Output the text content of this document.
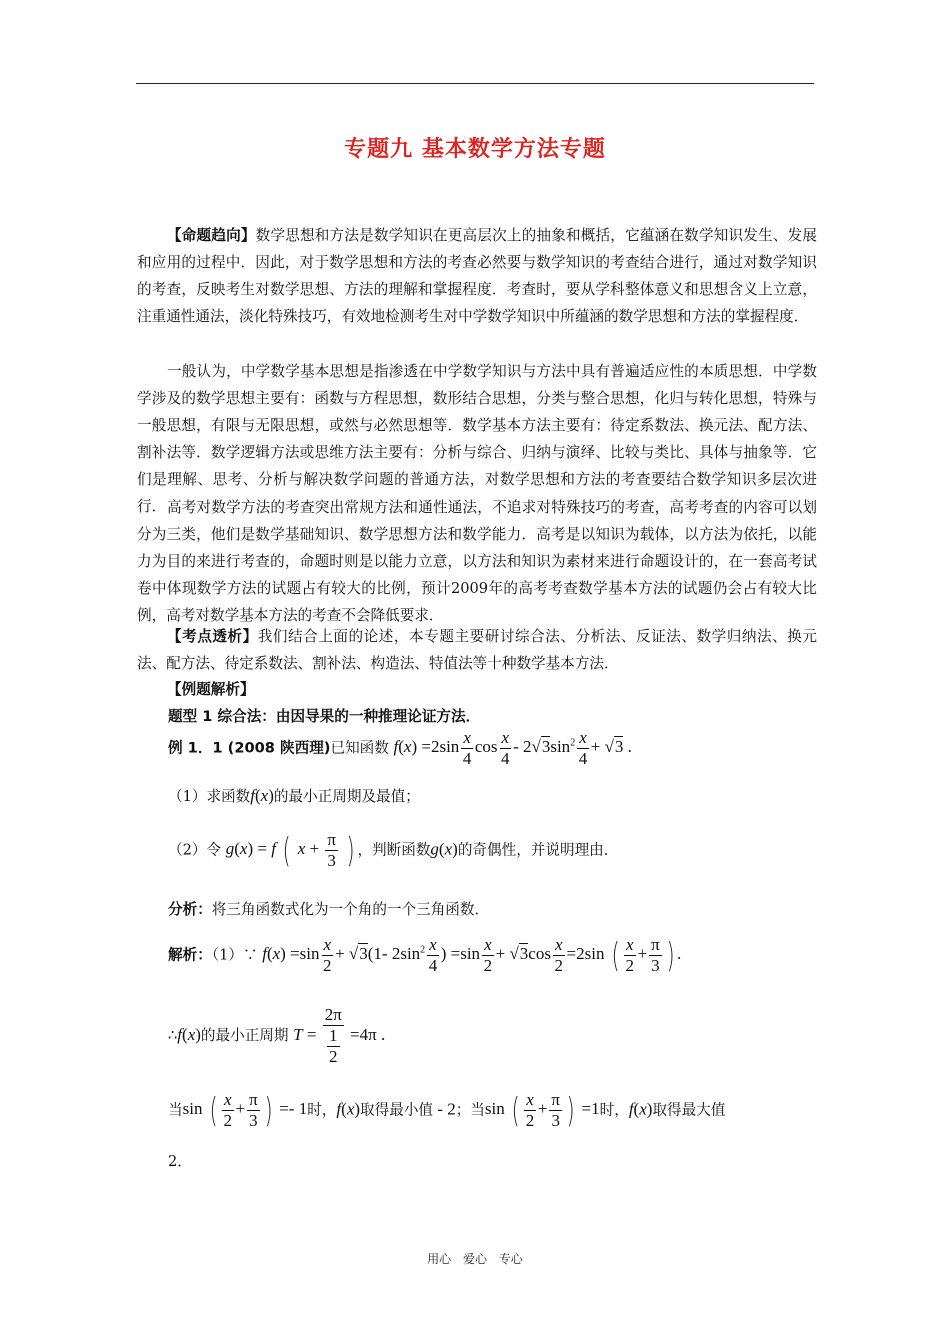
专题九 基本数学方法专题
【命题趋向】数学思想和方法是数学知识在更高层次上的抽象和概括，它蕴涵在数学知识发生、发展和应用的过程中．因此，对于数学思想和方法的考查必然要与数学知识的考查结合进行，通过对数学知识的考查，反映考生对数学思想、方法的理解和掌握程度．考查时，要从学科整体意义和思想含义上立意，注重通性通法，淡化特殊技巧，有效地检测考生对中学数学知识中所蕴涵的数学思想和方法的掌握程度．
一般认为，中学数学基本思想是指渗透在中学数学知识与方法中具有普遍适应性的本质思想．中学数学涉及的数学思想主要有：函数与方程思想，数形结合思想，分类与整合思想，化归与转化思想，特殊与一般思想，有限与无限思想，或然与必然思想等．数学基本方法主要有：待定系数法、换元法、配方法、割补法等．数学逻辑方法或思维方法主要有：分析与综合、归纳与演绎、比较与类比、具体与抽象等．它们是理解、思考、分析与解决数学问题的普通方法，对数学思想和方法的考查要结合数学知识多层次进行． 高考对数学方法的考查突出常规方法和通性通法，不追求对特殊技巧的考查，高考考查的内容可以划分为三类，他们是数学基础知识、数学思想方法和数学能力．高考是以知识为载体，以方法为依托，以能力为目的来进行考查的，命题时则是以能力立意，以方法和知识为素材来进行命题设计的，在一套高考试卷中体现数学方法的试题占有较大的比例，预计2009年的高考考查数学基本方法的试题仍会占有较大比例，高考对数学基本方法的考查不会降低要求．
【考点透析】我们结合上面的论述，本专题主要研讨综合法、分析法、反证法、数学归纳法、换元法、配方法、待定系数法、割补法、构造法、特值法等十种数学基本方法．
【例题解析】
题型 1 综合法：由因导果的一种推理论证方法．
例 1．1 (2008 陕西理)已知函数 $f(x) =2\sin \frac{x}{4}$ $\cos \frac{x}{4} - 2√3\sin^2 \frac{x}{4} + √3$ .
（1）求函数f(x)的最小正周期及最值；
（2）令 g(x) = f ( $x + \frac{\pi}{3}$ ) ，判断函数g(x)的奇偶性，并说明理由．
分析：将三角函数式化为一个角的一个三角函数．
解析：（1）∵ $f(x) =\sin \frac{x}{2} + √3(1-$ $2\sin^2 \frac{x}{4}$ ) $=\sin \frac{x}{2} + √3\cos \frac{x}{2} =2\sin$ ( $\frac{x}{2} + \frac{\pi}{3}$ ) .
∴f(x)的最小正周期 $T = \frac{2\pi}{\frac{1}{2}} =4\pi$ .
当sin ( $\frac{x}{2} + \frac{\pi}{3}$ ) =- 1时，f(x)取得最小值 - 2；当sin ( $\frac{x}{2} + \frac{\pi}{3}$ ) =1时，f(x)取得最大值
2．
用心 爱心 专心
